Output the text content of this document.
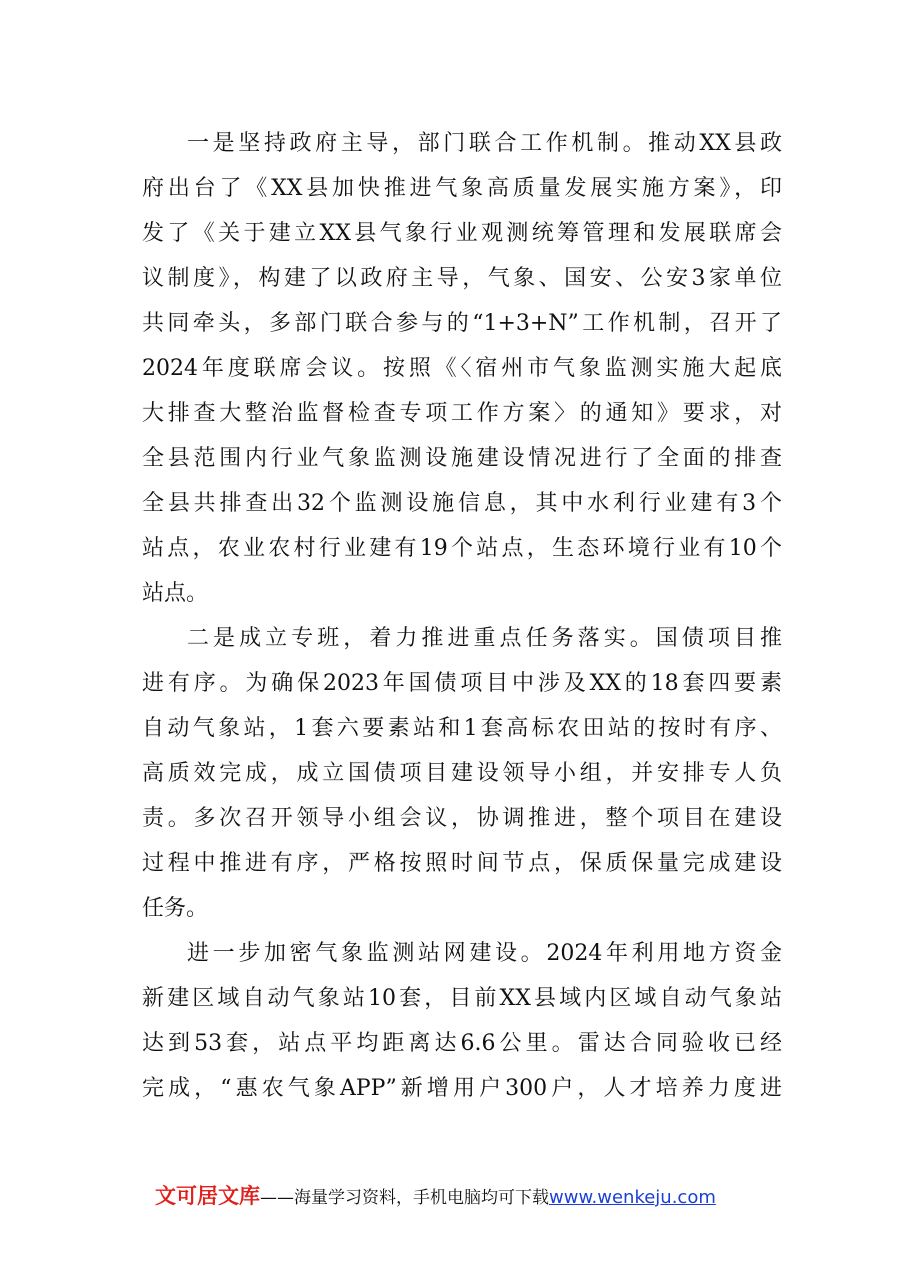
一是坚持政府主导，部门联合工作机制。推动XX县政
府出台了《XX县加快推进气象高质量发展实施方案》，印
发了《关于建立XX县气象行业观测统筹管理和发展联席会
议制度》，构建了以政府主导，气象、国安、公安3家单位
共同牵头，多部门联合参与的“1+3+N”工作机制，召开了
2024年度联席会议。按照《〈宿州市气象监测实施大起底
大排查大整治监督检查专项工作方案〉的通知》要求，对
全县范围内行业气象监测设施建设情况进行了全面的排查
全县共排查出32个监测设施信息，其中水利行业建有3个
站点，农业农村行业建有19个站点，生态环境行业有10个
站点。
二是成立专班，着力推进重点任务落实。国债项目推
进有序。为确保2023年国债项目中涉及XX的18套四要素
自动气象站，1套六要素站和1套高标农田站的按时有序、
高质效完成，成立国债项目建设领导小组，并安排专人负
责。多次召开领导小组会议，协调推进，整个项目在建设
过程中推进有序，严格按照时间节点，保质保量完成建设
任务。
进一步加密气象监测站网建设。2024年利用地方资金
新建区域自动气象站10套，目前XX县域内区域自动气象站
达到53套，站点平均距离达6.6公里。雷达合同验收已经
完成，“惠农气象APP”新增用户300户，人才培养力度进
文可居文库——海量学习资料，手机电脑均可下载www.wenkeju.com
